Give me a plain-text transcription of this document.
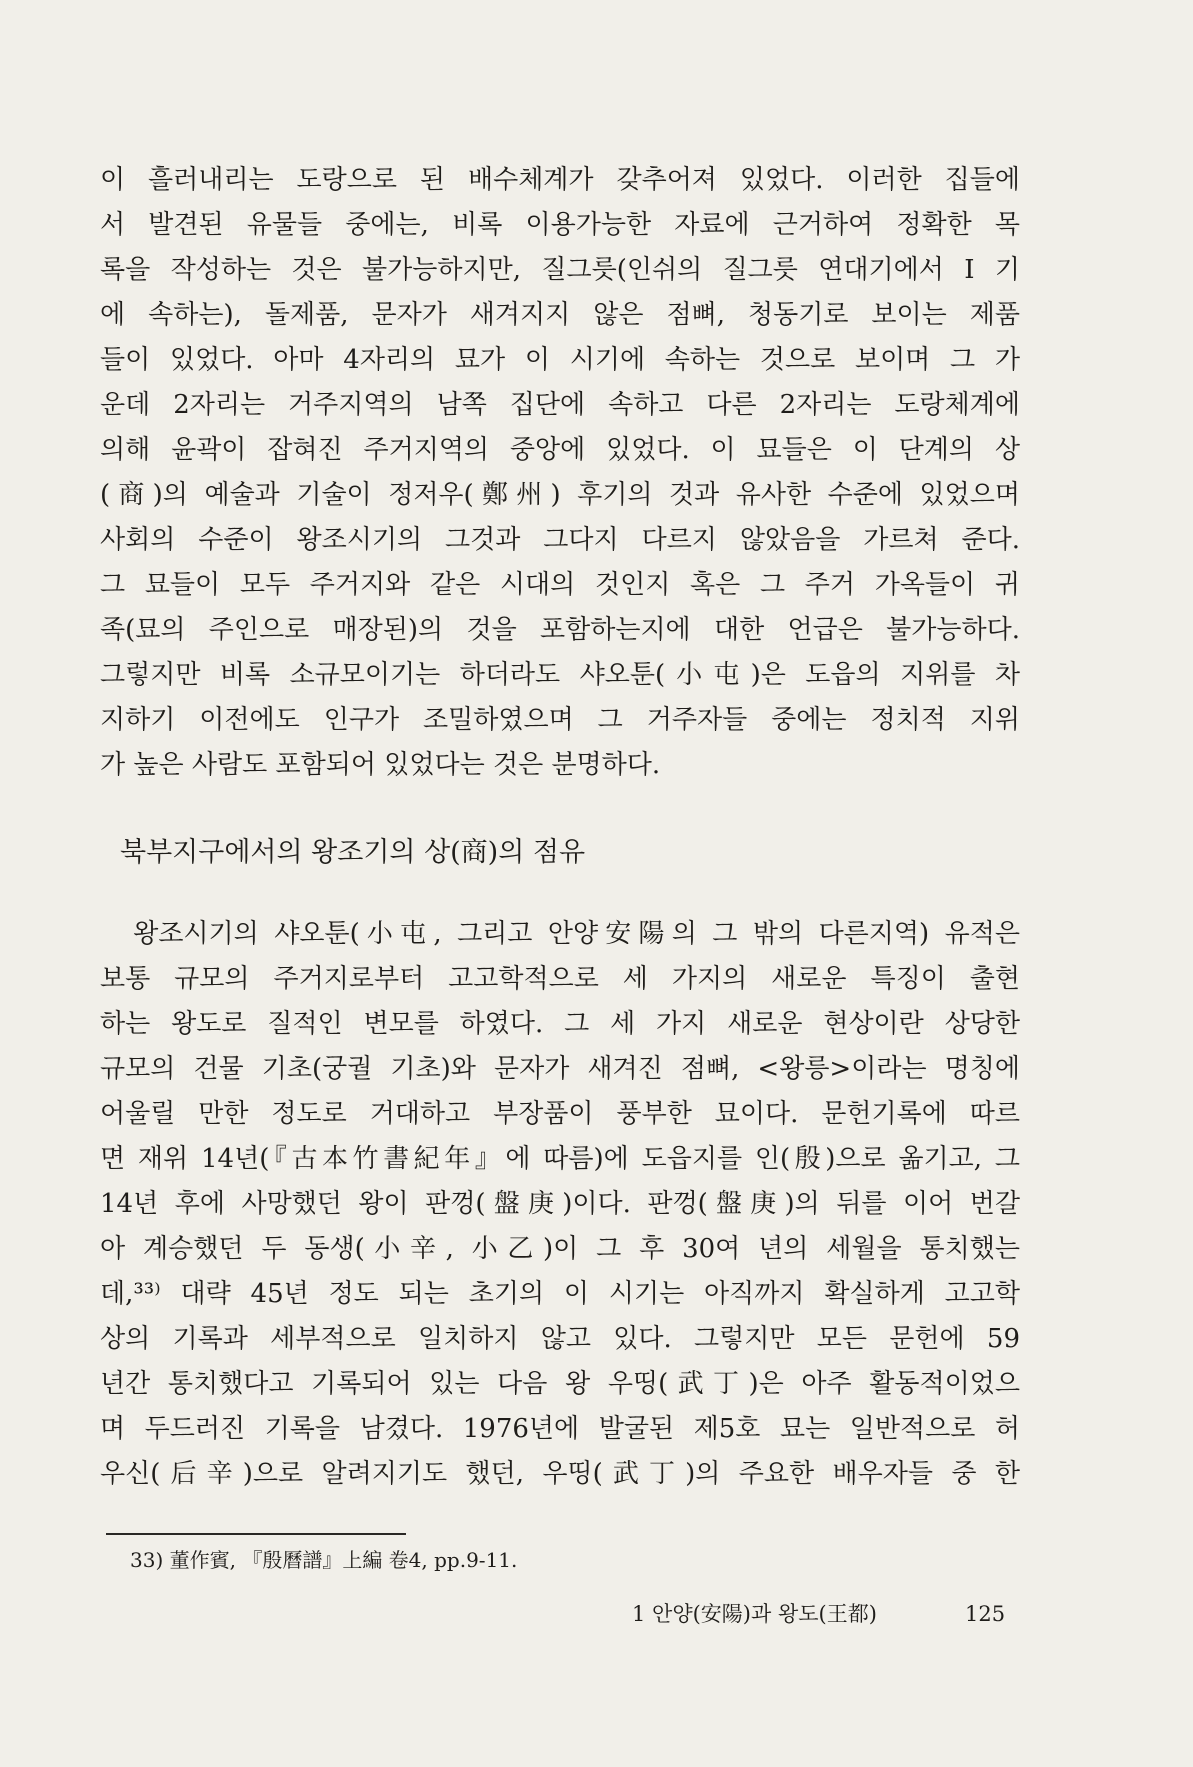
이 흘러내리는 도랑으로 된 배수체계가 갖추어져 있었다. 이러한 집들에
서 발견된 유물들 중에는, 비록 이용가능한 자료에 근거하여 정확한 목
록을 작성하는 것은 불가능하지만, 질그릇(인쉬의 질그릇 연대기에서 I 기
에 속하는), 돌제품, 문자가 새겨지지 않은 점뼈, 청동기로 보이는 제품
들이 있었다. 아마 4자리의 묘가 이 시기에 속하는 것으로 보이며 그 가
운데 2자리는 거주지역의 남쪽 집단에 속하고 다른 2자리는 도랑체계에
의해 윤곽이 잡혀진 주거지역의 중앙에 있었다. 이 묘들은 이 단계의 상
(商)의 예술과 기술이 정저우(鄭州) 후기의 것과 유사한 수준에 있었으며
사회의 수준이 왕조시기의 그것과 그다지 다르지 않았음을 가르쳐 준다.
그 묘들이 모두 주거지와 같은 시대의 것인지 혹은 그 주거 가옥들이 귀
족(묘의 주인으로 매장된)의 것을 포함하는지에 대한 언급은 불가능하다.
그렇지만 비록 소규모이기는 하더라도 샤오툰(小屯)은 도읍의 지위를 차
지하기 이전에도 인구가 조밀하였으며 그 거주자들 중에는 정치적 지위
가 높은 사람도 포함되어 있었다는 것은 분명하다.
북부지구에서의 왕조기의 상(商)의 점유
　왕조시기의 샤오툰(小屯, 그리고 안양安陽의 그 밖의 다른지역) 유적은
보통 규모의 주거지로부터 고고학적으로 세 가지의 새로운 특징이 출현
하는 왕도로 질적인 변모를 하였다. 그 세 가지 새로운 현상이란 상당한
규모의 건물 기초(궁궐 기초)와 문자가 새겨진 점뼈, <왕릉>이라는 명칭에
어울릴 만한 정도로 거대하고 부장품이 풍부한 묘이다. 문헌기록에 따르
면 재위 14년(『古本竹書紀年』에 따름)에 도읍지를 인(殷)으로 옮기고, 그
14년 후에 사망했던 왕이 판껑(盤庚)이다. 판껑(盤庚)의 뒤를 이어 번갈
아 계승했던 두 동생(小辛, 小乙)이 그 후 30여 년의 세월을 통치했는
데,³³⁾ 대략 45년 정도 되는 초기의 이 시기는 아직까지 확실하게 고고학
상의 기록과 세부적으로 일치하지 않고 있다. 그렇지만 모든 문헌에 59
년간 통치했다고 기록되어 있는 다음 왕 우띵(武丁)은 아주 활동적이었으
며 두드러진 기록을 남겼다. 1976년에 발굴된 제5호 묘는 일반적으로 허
우신(后辛)으로 알려지기도 했던, 우띵(武丁)의 주요한 배우자들 중 한
33) 董作賓, 『殷曆譜』上編 卷4, pp.9-11.
1 안양(安陽)과 왕도(王都)	125
